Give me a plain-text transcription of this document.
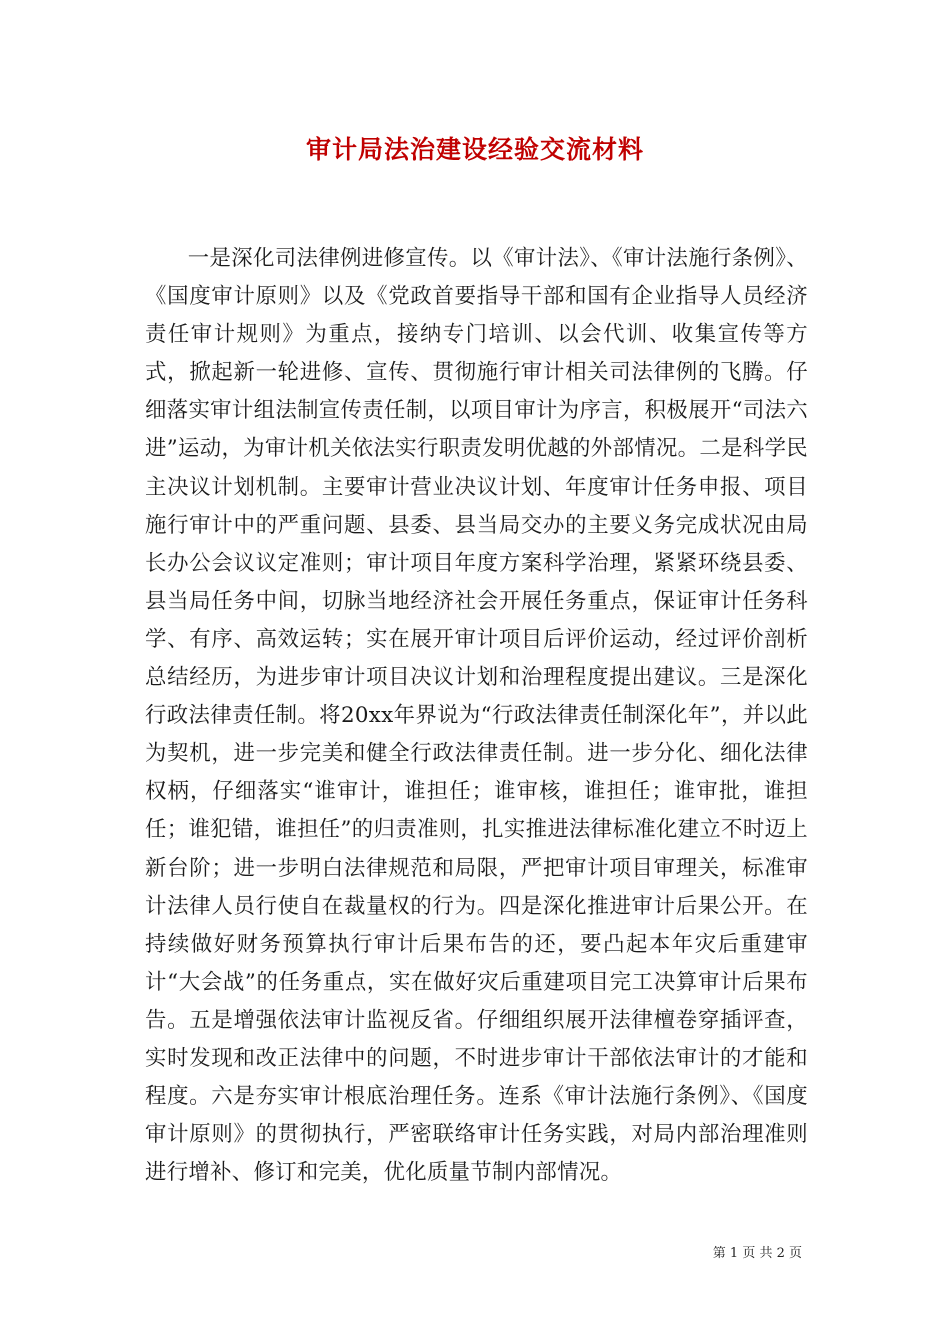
审计局法治建设经验交流材料

一是深化司法律例进修宣传。以《审计法》、《审计法施行条例》、《国度审计原则》以及《党政首要指导干部和国有企业指导人员经济责任审计规则》为重点，接纳专门培训、以会代训、收集宣传等方式，掀起新一轮进修、宣传、贯彻施行审计相关司法律例的飞腾。仔细落实审计组法制宣传责任制，以项目审计为序言，积极展开“司法六进”运动，为审计机关依法实行职责发明优越的外部情况。二是科学民主决议计划机制。主要审计营业决议计划、年度审计任务申报、项目施行审计中的严重问题、县委、县当局交办的主要义务完成状况由局长办公会议议定准则；审计项目年度方案科学治理，紧紧环绕县委、县当局任务中间，切脉当地经济社会开展任务重点，保证审计任务科学、有序、高效运转；实在展开审计项目后评价运动，经过评价剖析总结经历，为进步审计项目决议计划和治理程度提出建议。三是深化行政法律责任制。将20xx年界说为“行政法律责任制深化年”，并以此为契机，进一步完美和健全行政法律责任制。进一步分化、细化法律权柄，仔细落实“谁审计，谁担任；谁审核，谁担任；谁审批，谁担任；谁犯错，谁担任”的归责准则，扎实推进法律标准化建立不时迈上新台阶；进一步明白法律规范和局限，严把审计项目审理关，标准审计法律人员行使自在裁量权的行为。四是深化推进审计后果公开。在持续做好财务预算执行审计后果布告的还，要凸起本年灾后重建审计“大会战”的任务重点，实在做好灾后重建项目完工决算审计后果布告。五是增强依法审计监视反省。仔细组织展开法律檀卷穿插评查，实时发现和改正法律中的问题，不时进步审计干部依法审计的才能和程度。六是夯实审计根底治理任务。连系《审计法施行条例》、《国度审计原则》的贯彻执行，严密联络审计任务实践，对局内部治理准则进行增补、修订和完美，优化质量节制内部情况。

第 1 页 共 2 页
